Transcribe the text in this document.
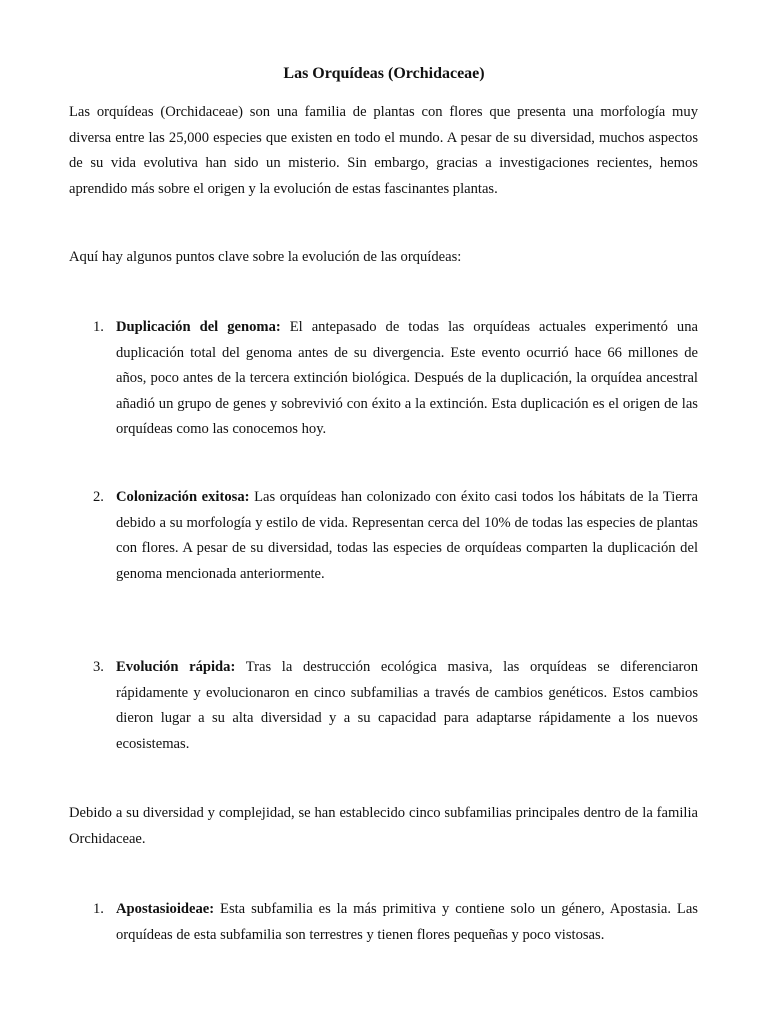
Las Orquídeas (Orchidaceae)

Las orquídeas (Orchidaceae) son una familia de plantas con flores que presenta una morfología muy diversa entre las 25,000 especies que existen en todo el mundo. A pesar de su diversidad, muchos aspectos de su vida evolutiva han sido un misterio. Sin embargo, gracias a investigaciones recientes, hemos aprendido más sobre el origen y la evolución de estas fascinantes plantas.

Aquí hay algunos puntos clave sobre la evolución de las orquídeas:

1. Duplicación del genoma: El antepasado de todas las orquídeas actuales experimentó una duplicación total del genoma antes de su divergencia. Este evento ocurrió hace 66 millones de años, poco antes de la tercera extinción biológica. Después de la duplicación, la orquídea ancestral añadió un grupo de genes y sobrevivió con éxito a la extinción. Esta duplicación es el origen de las orquídeas como las conocemos hoy.
2. Colonización exitosa: Las orquídeas han colonizado con éxito casi todos los hábitats de la Tierra debido a su morfología y estilo de vida. Representan cerca del 10% de todas las especies de plantas con flores. A pesar de su diversidad, todas las especies de orquídeas comparten la duplicación del genoma mencionada anteriormente.
3. Evolución rápida: Tras la destrucción ecológica masiva, las orquídeas se diferenciaron rápidamente y evolucionaron en cinco subfamilias a través de cambios genéticos. Estos cambios dieron lugar a su alta diversidad y a su capacidad para adaptarse rápidamente a los nuevos ecosistemas.

Debido a su diversidad y complejidad, se han establecido cinco subfamilias principales dentro de la familia Orchidaceae.

1. Apostasioideae: Esta subfamilia es la más primitiva y contiene solo un género, Apostasia. Las orquídeas de esta subfamilia son terrestres y tienen flores pequeñas y poco vistosas.
